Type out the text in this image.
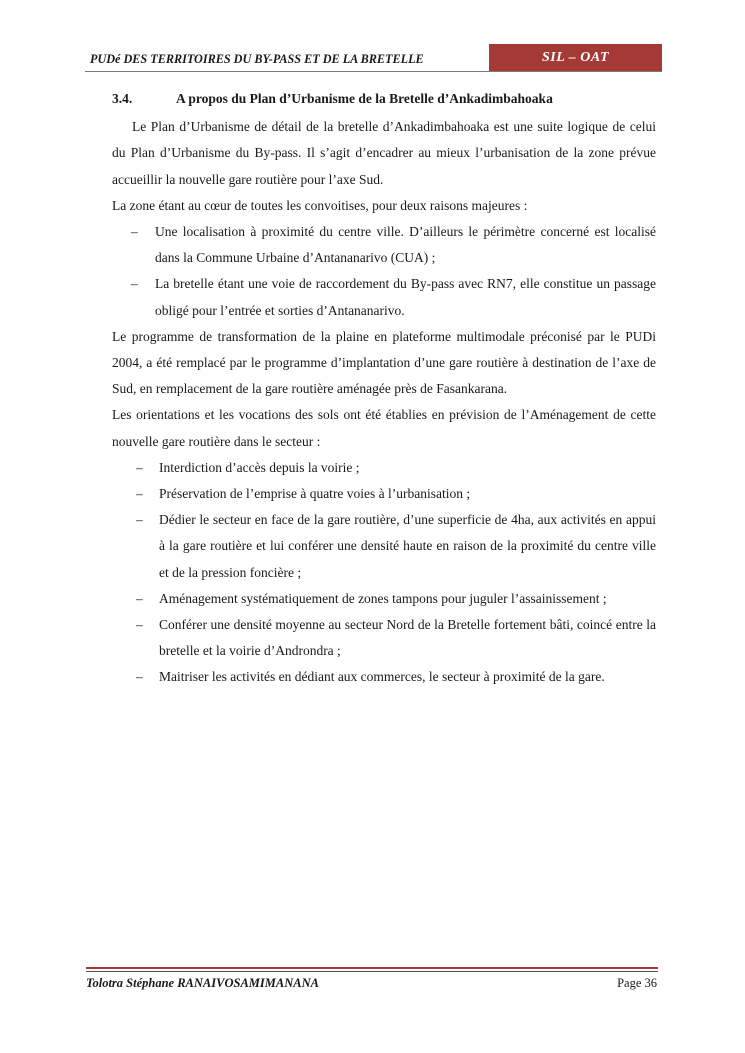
PUDé DES TERRITOIRES DU BY-PASS ET DE LA BRETELLE	SIL – OAT
3.4.	A propos du Plan d’Urbanisme de la Bretelle d’Ankadimbahoaka

Le Plan d’Urbanisme de détail de la bretelle d’Ankadimbahoaka est une suite logique de celui du Plan d’Urbanisme du By-pass. Il s’agit d’encadrer au mieux l’urbanisation de la zone prévue accueillir la nouvelle gare routière pour l’axe Sud.

La zone étant au cœur de toutes les convoitises, pour deux raisons majeures :

– Une localisation à proximité du centre ville. D’ailleurs le périmètre concerné est localisé dans la Commune Urbaine d’Antananarivo (CUA) ;
– La bretelle étant une voie de raccordement du By-pass avec RN7, elle constitue un passage obligé pour l’entrée et sorties d’Antananarivo.

Le programme de transformation de la plaine en plateforme multimodale préconisé par le PUDi 2004, a été remplacé par le programme d’implantation d’une gare routière à destination de l’axe de Sud, en remplacement de la gare routière aménagée près de Fasankarana.

Les orientations et les vocations des sols ont été établies en prévision de l’Aménagement de cette nouvelle gare routière dans le secteur :

– Interdiction d’accès depuis la voirie ;
– Préservation de l’emprise à quatre voies à l’urbanisation ;
– Dédier le secteur en face de la gare routière, d’une superficie de 4ha, aux activités en appui à la gare routière et lui conférer une densité haute en raison de la proximité du centre ville et de la pression foncière ;
– Aménagement systématiquement de zones tampons pour juguler l’assainissement ;
– Conférer une densité moyenne au secteur Nord de la Bretelle fortement bâti, coincé entre la bretelle et la voirie d’Androndra ;
– Maitriser les activités en dédiant aux commerces, le secteur à proximité de la gare.
Tolotra Stéphane RANAIVOSAMIMANANA	Page 36
